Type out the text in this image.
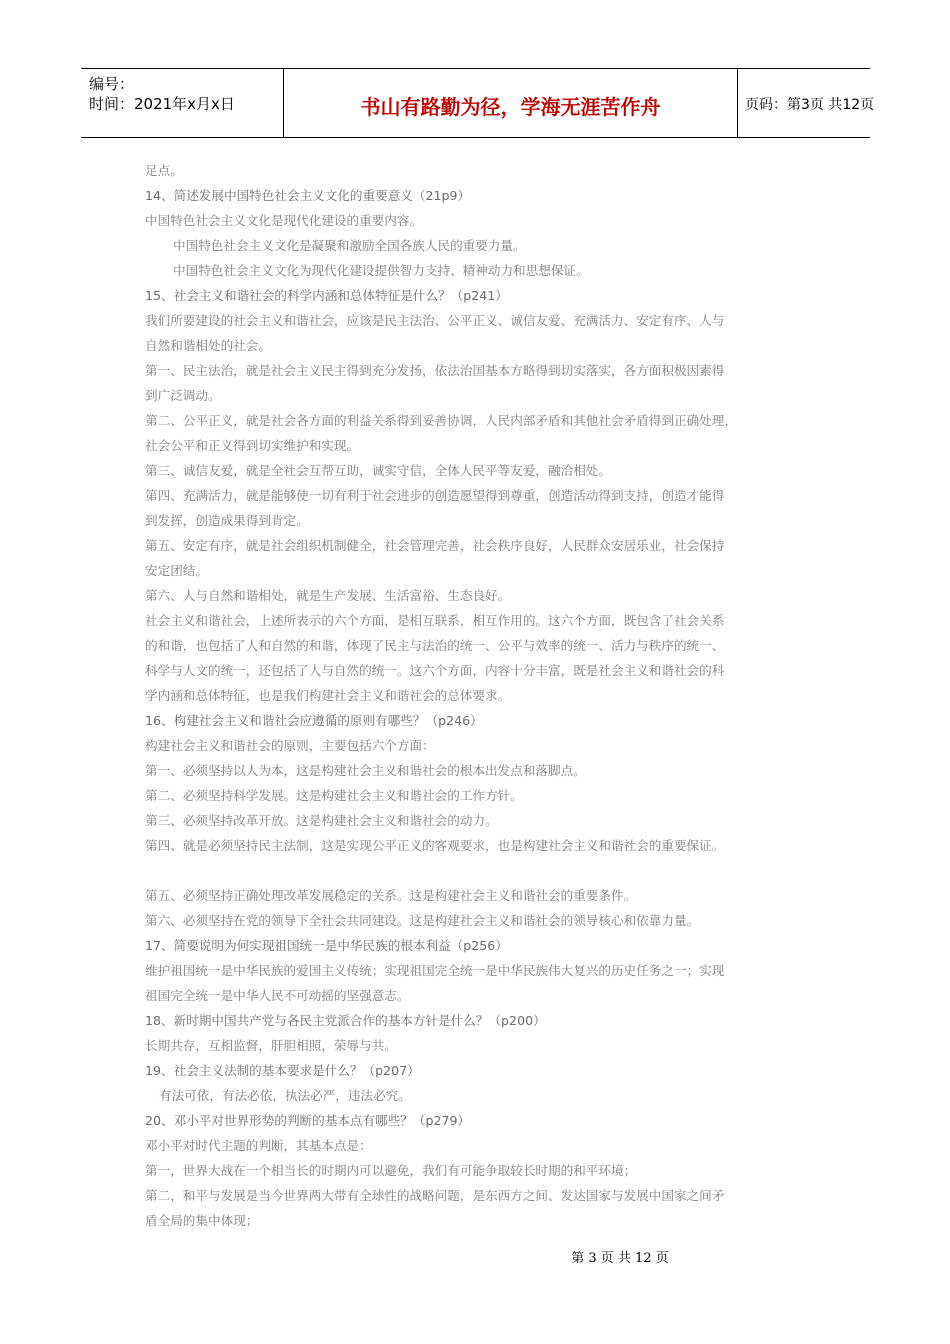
编号：
时间：2021年x月x日	书山有路勤为径，学海无涯苦作舟	页码：第3页 共12页
足点。
14、简述发展中国特色社会主义文化的重要意义（21p9）
中国特色社会主义文化是现代化建设的重要内容。
中国特色社会主义文化是凝聚和激励全国各族人民的重要力量。
中国特色社会主义文化为现代化建设提供智力支持、精神动力和思想保证。
15、社会主义和谐社会的科学内涵和总体特征是什么？（p241）
我们所要建设的社会主义和谐社会，应该是民主法治、公平正义、诚信友爱、充满活力、安定有序、人与
自然和谐相处的社会。
第一、民主法治，就是社会主义民主得到充分发扬，依法治国基本方略得到切实落实，各方面积极因素得
到广泛调动。
第二、公平正义，就是社会各方面的利益关系得到妥善协调，人民内部矛盾和其他社会矛盾得到正确处理，
社会公平和正义得到切实维护和实现。
第三、诚信友爱，就是全社会互帮互助，诚实守信，全体人民平等友爱，融洽相处。
第四、充满活力，就是能够使一切有利于社会进步的创造愿望得到尊重，创造活动得到支持，创造才能得
到发挥，创造成果得到肯定。
第五、安定有序，就是社会组织机制健全，社会管理完善，社会秩序良好，人民群众安居乐业，社会保持
安定团结。
第六、人与自然和谐相处，就是生产发展、生活富裕、生态良好。
社会主义和谐社会，上述所表示的六个方面，是相互联系，相互作用的。这六个方面，既包含了社会关系
的和谐，也包括了人和自然的和谐，体现了民主与法治的统一、公平与效率的统一、活力与秩序的统一、
科学与人文的统一，还包括了人与自然的统一。这六个方面，内容十分丰富，既是社会主义和谐社会的科
学内涵和总体特征，也是我们构建社会主义和谐社会的总体要求。
16、构建社会主义和谐社会应遵循的原则有哪些？（p246）
构建社会主义和谐社会的原则，主要包括六个方面：
第一、必须坚持以人为本，这是构建社会主义和谐社会的根本出发点和落脚点。
第二、必须坚持科学发展。这是构建社会主义和谐社会的工作方针。
第三、必须坚持改革开放。这是构建社会主义和谐社会的动力。
第四、就是必须坚持民主法制，这是实现公平正义的客观要求，也是构建社会主义和谐社会的重要保证。
第五、必须坚持正确处理改革发展稳定的关系。这是构建社会主义和谐社会的重要条件。
第六、必须坚持在党的领导下全社会共同建设。这是构建社会主义和谐社会的领导核心和依靠力量。
17、简要说明为何实现祖国统一是中华民族的根本利益（p256）
维护祖国统一是中华民族的爱国主义传统；实现祖国完全统一是中华民族伟大复兴的历史任务之一；实现
祖国完全统一是中华人民不可动摇的坚强意志。
18、新时期中国共产党与各民主党派合作的基本方针是什么？（p200）
长期共存，互相监督，肝胆相照，荣辱与共。
19、社会主义法制的基本要求是什么？（p207）
有法可依，有法必依，执法必严，违法必究。
20、邓小平对世界形势的判断的基本点有哪些？（p279）
邓小平对时代主题的判断，其基本点是：
第一，世界大战在一个相当长的时期内可以避免，我们有可能争取较长时期的和平环境；
第二，和平与发展是当今世界两大带有全球性的战略问题，是东西方之间、发达国家与发展中国家之间矛
盾全局的集中体现；
第 3 页 共 12 页
